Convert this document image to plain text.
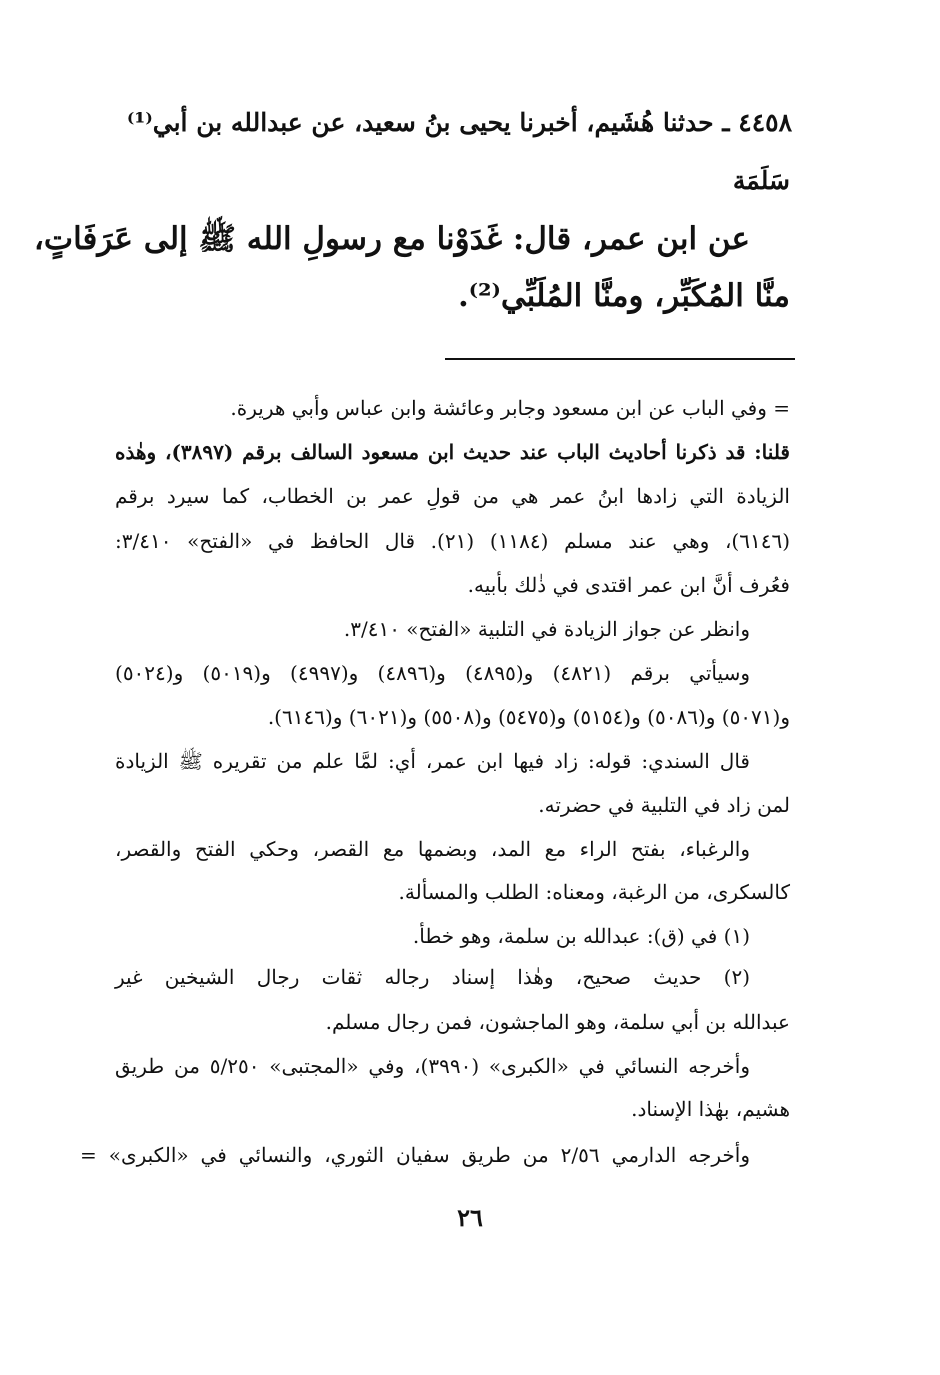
٤٤٥٨ ـ حدثنا هُشَيم، أخبرنا يحيى بنُ سعيد، عن عبدالله بن أبي⁽¹⁾
سَلَمَة
عن ابن عمر، قال: غَدَوْنا مع رسولِ الله ﷺ إلى عَرَفَاتٍ،
منَّا المُكَبِّر، ومنَّا المُلَبِّي⁽²⁾.
= وفي الباب عن ابن مسعود وجابر وعائشة وابن عباس وأبي هريرة.
قلنا: قد ذكرنا أحاديث الباب عند حديث ابن مسعود السالف برقم (٣٨٩٧)، وهٰذه
الزيادة التي زادها ابنُ عمر هي من قولِ عمر بن الخطاب، كما سيرد برقم
(٦١٤٦)، وهي عند مسلم (١١٨٤) (٢١). قال الحافظ في «الفتح» ٣/٤١٠:
فعُرف أنَّ ابن عمر اقتدى في ذٰلك بأبيه.
وانظر عن جواز الزيادة في التلبية «الفتح» ٣/٤١٠.
وسيأتي برقم (٤٨٢١) و(٤٨٩٥) و(٤٨٩٦) و(٤٩٩٧) و(٥٠١٩) و(٥٠٢٤)
و(٥٠٧١) و(٥٠٨٦) و(٥١٥٤) و(٥٤٧٥) و(٥٥٠٨) و(٦٠٢١) و(٦١٤٦).
قال السندي: قوله: زاد فيها ابن عمر، أي: لمَّا علم من تقريره ﷺ الزيادة
لمن زاد في التلبية في حضرته.
والرغباء، بفتح الراء مع المد، وبضمها مع القصر، وحكي الفتح والقصر،
كالسكرى، من الرغبة، ومعناه: الطلب والمسألة.
(١) في (ق): عبدالله بن سلمة، وهو خطأ.
(٢) حديث صحيح، وهٰذا إسناد رجاله ثقات رجال الشيخين غير
عبدالله بن أبي سلمة، وهو الماجشون، فمن رجال مسلم.
وأخرجه النسائي في «الكبرى» (٣٩٩٠)، وفي «المجتبى» ٥/٢٥٠ من طريق
هشيم، بهٰذا الإسناد.
وأخرجه الدارمي ٢/٥٦ من طريق سفيان الثوري، والنسائي في «الكبرى» =
٢٦
